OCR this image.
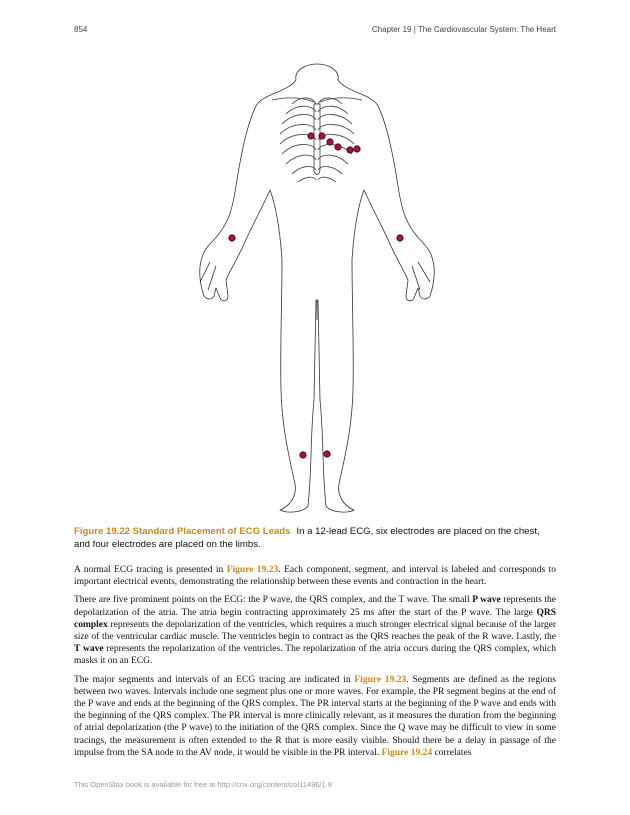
854	Chapter 19 | The Cardiovascular System: The Heart
Figure 19.22 Standard Placement of ECG Leads In a 12-lead ECG, six electrodes are placed on the chest, and four electrodes are placed on the limbs.

A normal ECG tracing is presented in Figure 19.23. Each component, segment, and interval is labeled and corresponds to important electrical events, demonstrating the relationship between these events and contraction in the heart.

There are five prominent points on the ECG: the P wave, the QRS complex, and the T wave. The small P wave represents the depolarization of the atria. The atria begin contracting approximately 25 ms after the start of the P wave. The large QRS complex represents the depolarization of the ventricles, which requires a much stronger electrical signal because of the larger size of the ventricular cardiac muscle. The ventricles begin to contract as the QRS reaches the peak of the R wave. Lastly, the T wave represents the repolarization of the ventricles. The repolarization of the atria occurs during the QRS complex, which masks it on an ECG.

The major segments and intervals of an ECG tracing are indicated in Figure 19.23. Segments are defined as the regions between two waves. Intervals include one segment plus one or more waves. For example, the PR segment begins at the end of the P wave and ends at the beginning of the QRS complex. The PR interval starts at the beginning of the P wave and ends with the beginning of the QRS complex. The PR interval is more clinically relevant, as it measures the duration from the beginning of atrial depolarization (the P wave) to the initiation of the QRS complex. Since the Q wave may be difficult to view in some tracings, the measurement is often extended to the R that is more easily visible. Should there be a delay in passage of the impulse from the SA node to the AV node, it would be visible in the PR interval. Figure 19.24 correlates

This OpenStax book is available for free at http://cnx.org/content/col11496/1.8
